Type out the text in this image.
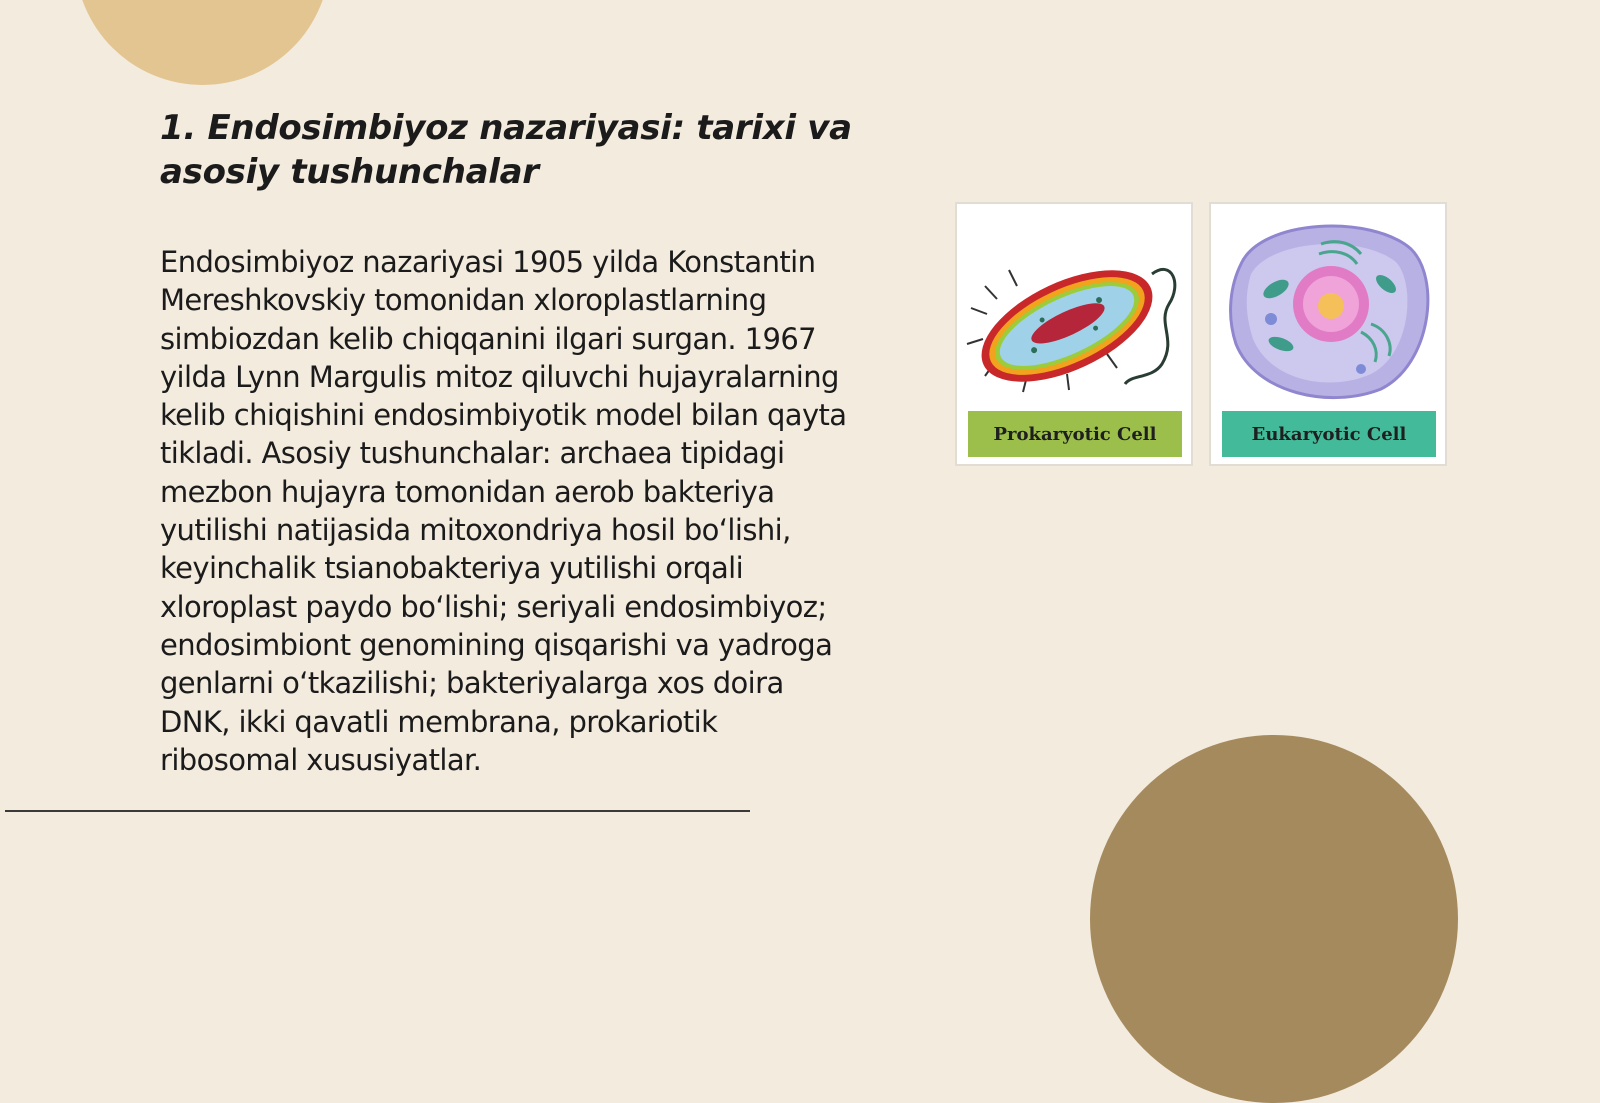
1. Endosimbiyoz nazariyasi: tarixi va asosiy tushunchalar

Endosimbiyoz nazariyasi 1905 yilda Konstantin Mereshkovskiy tomonidan xloroplastlarning simbiozdan kelib chiqqanini ilgari surgan. 1967 yilda Lynn Margulis mitoz qiluvchi hujayralarning kelib chiqishini endosimbiyotik model bilan qayta tikladi. Asosiy tushunchalar: archaea tipidagi mezbon hujayra tomonidan aerob bakteriya yutilishi natijasida mitoxondriya hosil boʻlishi, keyinchalik tsianobakteriya yutilishi orqali xloroplast paydo boʻlishi; seriyali endosimbiyoz; endosimbiont genomining qisqarishi va yadroga genlarni oʻtkazilishi; bakteriyalarga xos doira DNK, ikki qavatli membrana, prokariotik ribosomal xususiyatlar.

Prokaryotic Cell	Eukaryotic Cell
